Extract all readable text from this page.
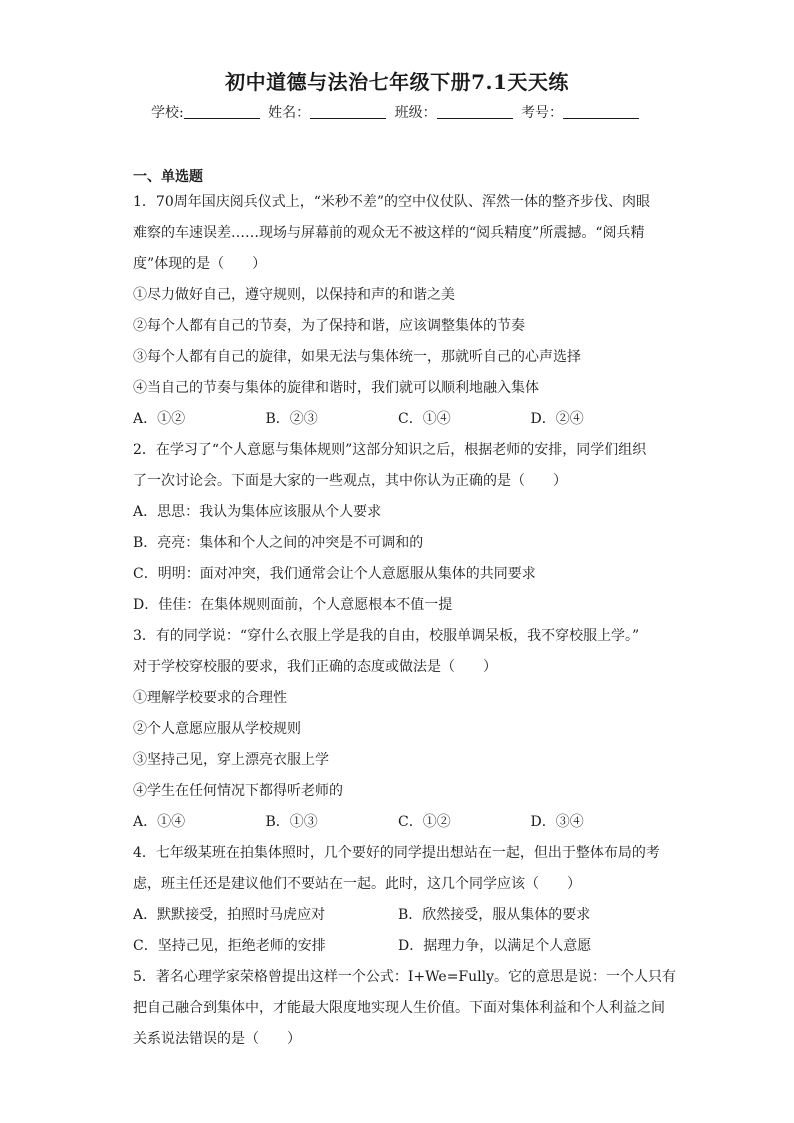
初中道德与法治七年级下册7.1天天练
学校:	姓名：	班级：	考号：
一、单选题
1．70周年国庆阅兵仪式上，“米秒不差”的空中仪仗队、浑然一体的整齐步伐、肉眼
难察的车速误差……现场与屏幕前的观众无不被这样的“阅兵精度”所震撼。“阅兵精
度”体现的是（　　）
①尽力做好自己，遵守规则，以保持和声的和谐之美
②每个人都有自己的节奏，为了保持和谐，应该调整集体的节奏
③每个人都有自己的旋律，如果无法与集体统一，那就听自己的心声选择
④当自己的节奏与集体的旋律和谐时，我们就可以顺利地融入集体
A．①②	B．②③	C．①④	D．②④
2．在学习了“个人意愿与集体规则”这部分知识之后，根据老师的安排，同学们组织
了一次讨论会。下面是大家的一些观点，其中你认为正确的是（　　）
A．思思：我认为集体应该服从个人要求
B．亮亮：集体和个人之间的冲突是不可调和的
C．明明：面对冲突，我们通常会让个人意愿服从集体的共同要求
D．佳佳：在集体规则面前，个人意愿根本不值一提
3．有的同学说：“穿什么衣服上学是我的自由，校服单调呆板，我不穿校服上学。”
对于学校穿校服的要求，我们正确的态度或做法是（　　）
①理解学校要求的合理性
②个人意愿应服从学校规则
③坚持己见，穿上漂亮衣服上学
④学生在任何情况下都得听老师的
A．①④	B．①③	C．①②	D．③④
4．七年级某班在拍集体照时，几个要好的同学提出想站在一起，但出于整体布局的考
虑，班主任还是建议他们不要站在一起。此时，这几个同学应该（　　）
A．默默接受，拍照时马虎应对	B．欣然接受，服从集体的要求
C．坚持己见，拒绝老师的安排	D．据理力争，以满足个人意愿
5．著名心理学家荣格曾提出这样一个公式：I+We=Fully。它的意思是说：一个人只有
把自己融合到集体中，才能最大限度地实现人生价值。下面对集体利益和个人利益之间
关系说法错误的是（　　）
